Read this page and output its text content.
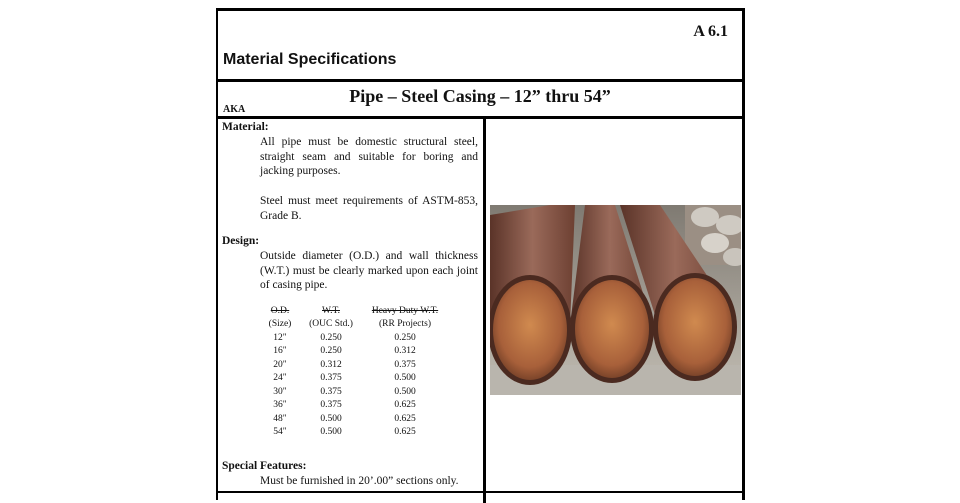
A 6.1
Material Specifications
Pipe – Steel Casing – 12” thru 54”
AKA
Material:
All pipe must be domestic structural steel, straight seam and suitable for boring and jacking purposes.
Steel must meet requirements of ASTM-853, Grade B.
Design:
Outside diameter (O.D.) and wall thickness (W.T.) must be clearly marked upon each joint of casing pipe.
O.D.	W.T.	Heavy Duty W.T.
(Size)	(OUC Std.)	(RR Projects)
12"	0.250	0.250
16"	0.250	0.312
20"	0.312	0.375
24"	0.375	0.500
30"	0.375	0.500
36"	0.375	0.625
48"	0.500	0.625
54"	0.500	0.625
Special Features:
Must be furnished in 20’.00” sections only.
